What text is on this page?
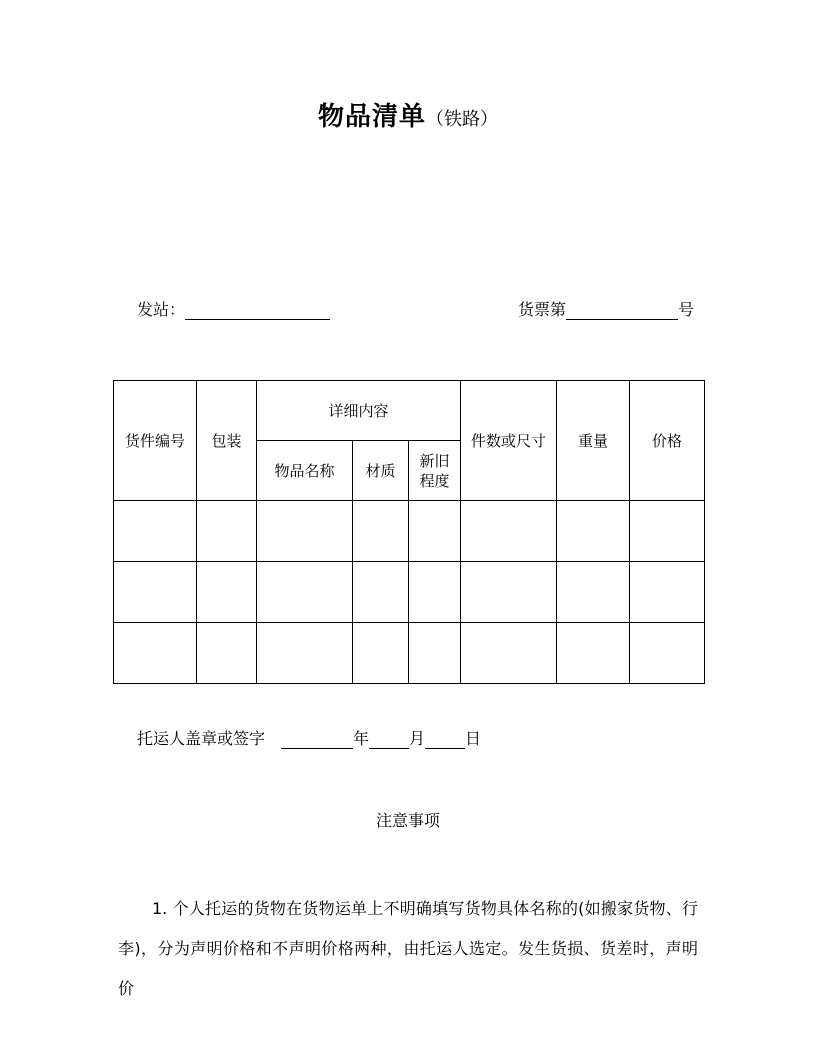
物品清单（铁路）
发站：	货票第	号
货件编号	包装	详细内容			件数或尺寸	重量	价格
		物品名称	材质	新旧
程度			

托运人盖章或签字	年	月	日
注意事项

1. 个人托运的货物在货物运单上不明确填写货物具体名称的(如搬家货物、行李)，分为声明价格和不声明价格两种，由托运人选定。发生货损、货差时，声明价
